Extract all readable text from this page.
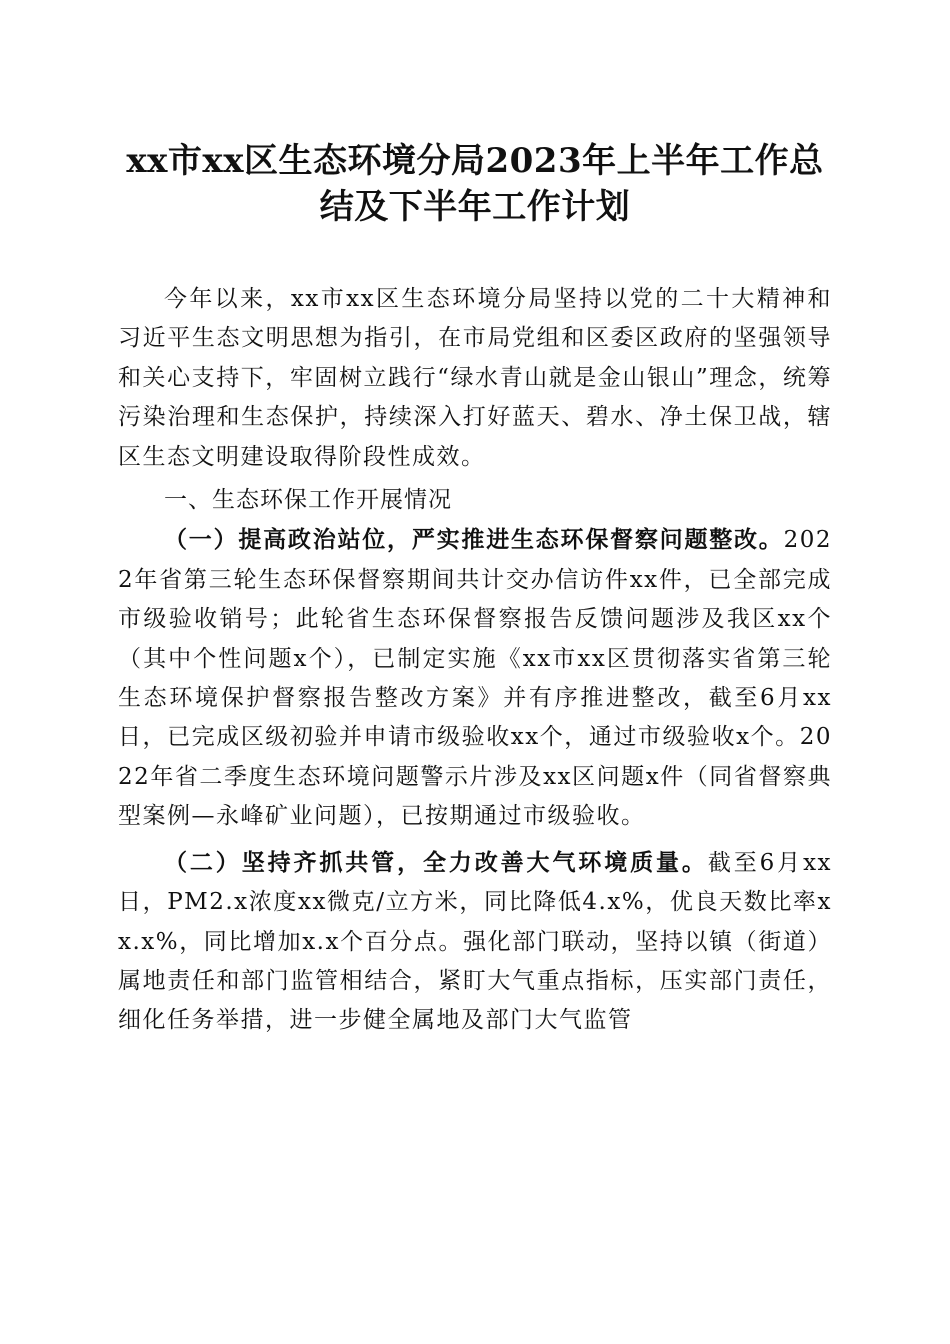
xx市xx区生态环境分局2023年上半年工作总
结及下半年工作计划

今年以来，xx市xx区生态环境分局坚持以党的二十大精神和习近平生态文明思想为指引，在市局党组和区委区政府的坚强领导和关心支持下，牢固树立践行“绿水青山就是金山银山”理念，统筹污染治理和生态保护，持续深入打好蓝天、碧水、净土保卫战，辖区生态文明建设取得阶段性成效。

一、生态环保工作开展情况

（一）提高政治站位，严实推进生态环保督察问题整改。2022年省第三轮生态环保督察期间共计交办信访件xx件，已全部完成市级验收销号；此轮省生态环保督察报告反馈问题涉及我区xx个（其中个性问题x个），已制定实施《xx市xx区贯彻落实省第三轮生态环境保护督察报告整改方案》并有序推进整改，截至6月xx日，已完成区级初验并申请市级验收xx个，通过市级验收x个。2022年省二季度生态环境问题警示片涉及xx区问题x件（同省督察典型案例—永峰矿业问题），已按期通过市级验收。

（二）坚持齐抓共管，全力改善大气环境质量。截至6月xx日，PM2.x浓度xx微克/立方米，同比降低4.x%，优良天数比率xx.x%，同比增加x.x个百分点。强化部门联动，坚持以镇（街道）属地责任和部门监管相结合，紧盯大气重点指标，压实部门责任，细化任务举措，进一步健全属地及部门大气监管
